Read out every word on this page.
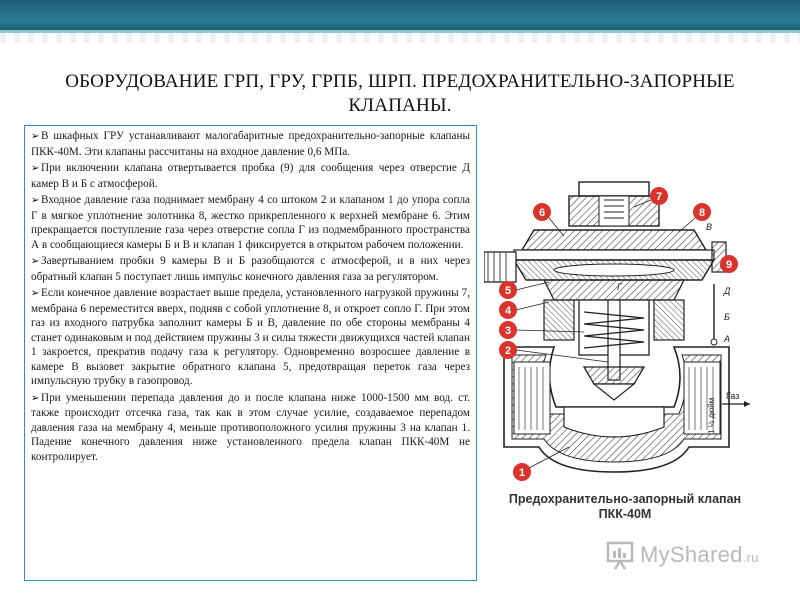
ОБОРУДОВАНИЕ ГРП, ГРУ, ГРПБ, ШРП. ПРЕДОХРАНИТЕЛЬНО-ЗАПОРНЫЕ КЛАПАНЫ.
➢ В шкафных ГРУ устанавливают малогабаритные предохранительно-запорные клапаны ПКК-40М. Эти клапаны рассчитаны на входное давление 0,6 МПа.
➢ При включении клапана отвертывается пробка (9) для сообщения через отверстие Д камер В и Б с атмосферой.
➢ Входное давление газа поднимает мембрану 4 со штоком 2 и клапаном 1 до упора сопла Г в мягкое уплотнение золотника 8, жестко прикрепленного к верхней мембране 6. Этим прекращается поступление газа через отверстие сопла Г из подмембранного пространства А в сообщающиеся камеры Б и В и клапан 1 фиксируется в открытом рабочем положении.
➢ Завертыванием пробки 9 камеры В и Б разобщаются с атмосферой, и в них через обратный клапан 5 поступает лишь импульс конечного давления газа за регулятором.
➢ Если конечное давление возрастает выше предела, установленного нагрузкой пружины 7, мембрана 6 переместится вверх, подняв с собой уплотнение 8, и откроет сопло Г. При этом газ из входного патрубка заполнит камеры Б и В, давление по обе стороны мембраны 4 станет одинаковым и под действием пружины 3 и силы тяжести движущихся частей клапан 1 закроется, прекратив подачу газа к регулятору. Одновременно возросшее давление в камере В вызовет закрытие обратного клапана 5, предотвращая переток газа через импульсную трубку в газопровод.
➢ При уменьшении перепада давления до и после клапана ниже 1000-1500 мм вод. ст. также происходит отсечка газа, так как в этом случае усилие, создаваемое перепадом давления газа на мембрану 4, меньше противоположного усилия пружины 3 на клапан 1. Падение конечного давления ниже установленного предела клапан ПКК-40М не контролирует.
Газ
1 ½ дюйм
В
Г	Д
Б
А
7
6	8
9
5
4
3
2
1
Предохранительно-запорный клапан ПКК-40М
MyShared.ru
